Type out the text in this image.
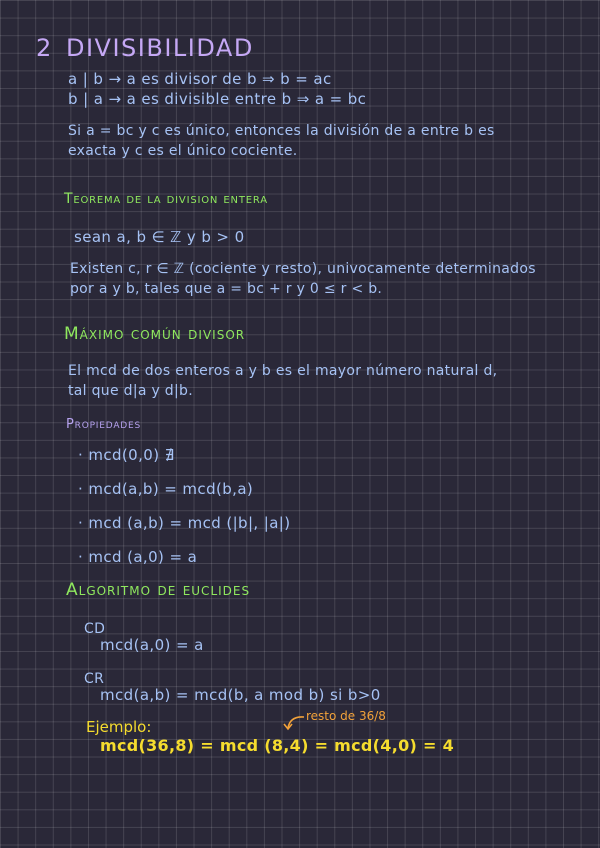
2 DIVISIBILIDAD
a | b → a es divisor de b ⇒ b = ac
b | a → a es divisible entre b ⇒ a = bc
Si a = bc y c es único, entonces la división de a entre b es
exacta y c es el único cociente.
Teorema de la division entera
sean a, b ∈ ℤ y b > 0
Existen c, r ∈ ℤ (cociente y resto), univocamente determinados
por a y b, tales que a = bc + r y 0 ≤ r < b.
Máximo común divisor
El mcd de dos enteros a y b es el mayor número natural d,
tal que d|a y d|b.
Propiedades
· mcd(0,0) ∄
· mcd(a,b) = mcd(b,a)
· mcd (a,b) = mcd (|b|, |a|)
· mcd (a,0) = a
Algoritmo de euclides
CD
mcd(a,0) = a
CR
mcd(a,b) = mcd(b, a mod b) si b>0
Ejemplo:
resto de 36/8
mcd(36,8) = mcd (8,4) = mcd(4,0) = 4
